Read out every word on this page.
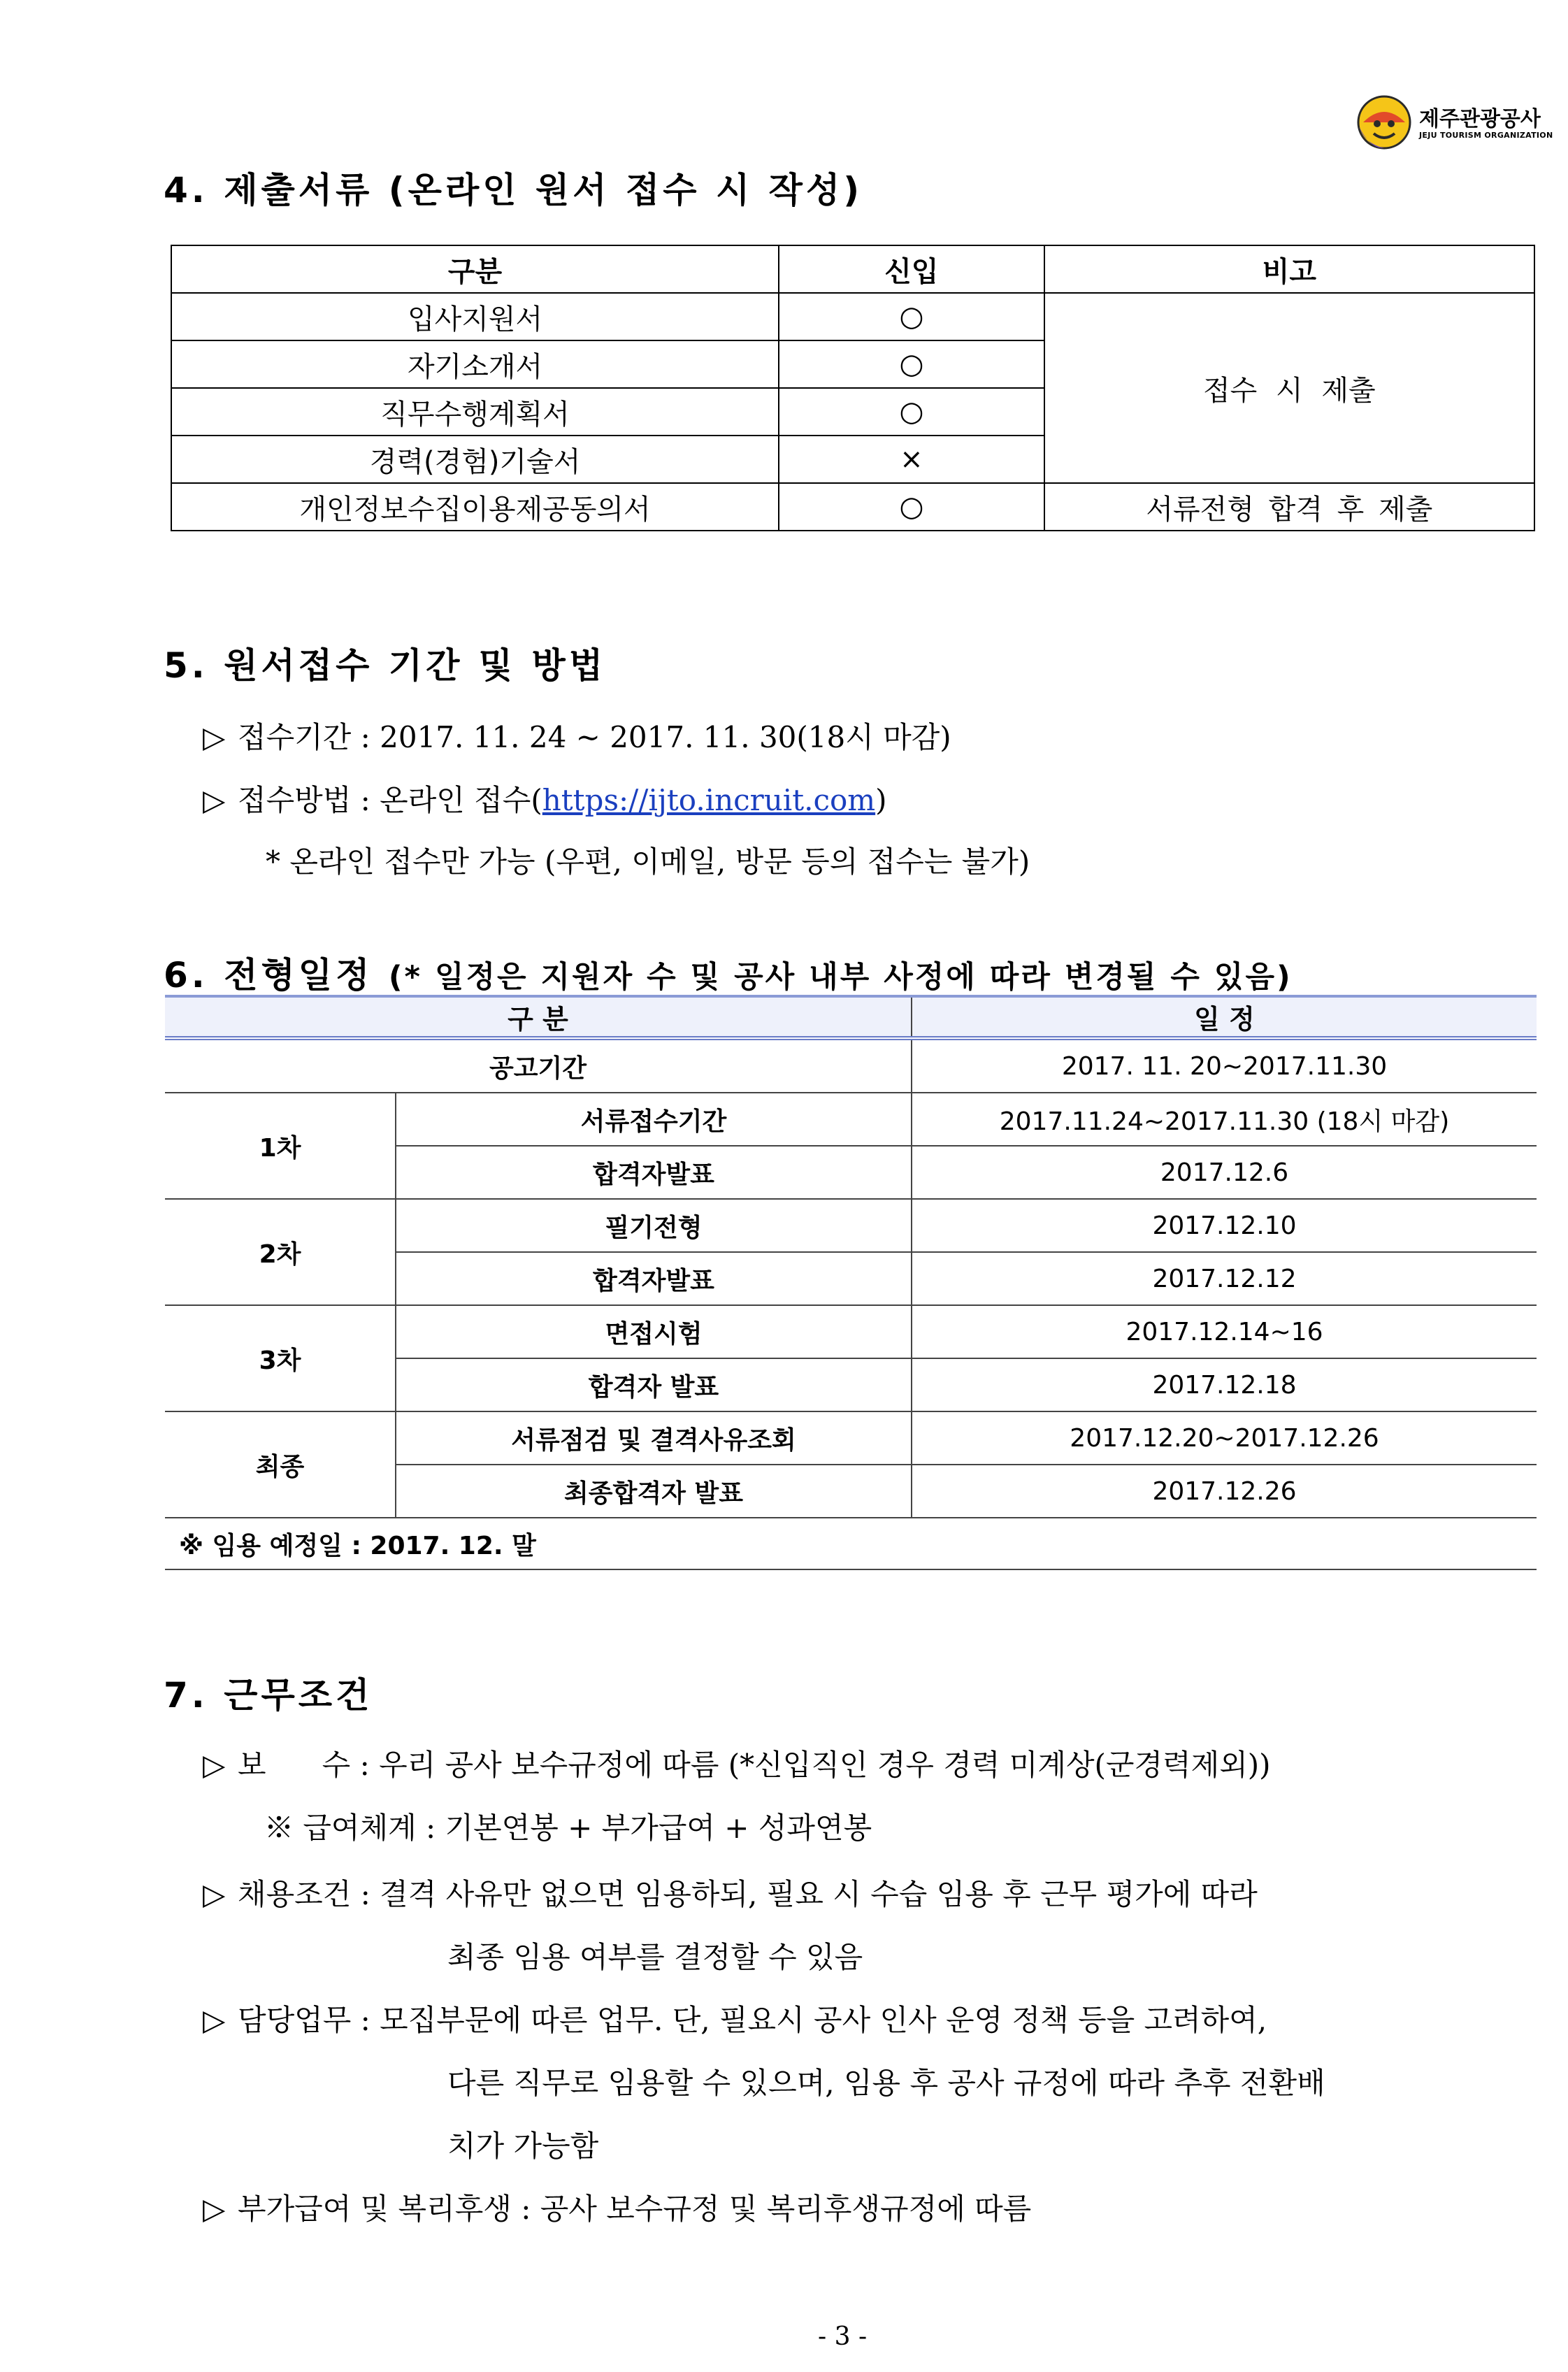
제주관광공사
JEJU TOURISM ORGANIZATION
4. 제출서류 (온라인 원서 접수 시 작성)
구분	신입	비고
입사지원서	○	접수 시 제출
자기소개서	○	
직무수행계획서	○	
경력(경험)기술서	×	
개인정보수집이용제공동의서	○	서류전형 합격 후 제출
5. 원서접수 기간 및 방법
▷ 접수기간 : 2017. 11. 24 ~ 2017. 11. 30(18시 마감)
▷ 접수방법 : 온라인 접수(https://ijto.incruit.com)
* 온라인 접수만 가능 (우편, 이메일, 방문 등의 접수는 불가)
6. 전형일정 (* 일정은 지원자 수 및 공사 내부 사정에 따라 변경될 수 있음)
구 분		일 정
공고기간		2017. 11. 20~2017.11.30
1차	서류접수기간	2017.11.24~2017.11.30 (18시 마감)
	합격자발표	2017.12.6
2차	필기전형	2017.12.10
	합격자발표	2017.12.12
3차	면접시험	2017.12.14~16
	합격자 발표	2017.12.18
최종	서류점검 및 결격사유조회	2017.12.20~2017.12.26
	최종합격자 발표	2017.12.26
※ 임용 예정일 : 2017. 12. 말		
7. 근무조건
▷ 보      수 : 우리 공사 보수규정에 따름 (*신입직인 경우 경력 미계상(군경력제외))
※ 급여체계 : 기본연봉 + 부가급여 + 성과연봉
▷ 채용조건 : 결격 사유만 없으면 임용하되, 필요 시 수습 임용 후 근무 평가에 따라
최종 임용 여부를 결정할 수 있음
▷ 담당업무 : 모집부문에 따른 업무. 단, 필요시 공사 인사 운영 정책 등을 고려하여,
다른 직무로 임용할 수 있으며, 임용 후 공사 규정에 따라 추후 전환배
치가 가능함
▷ 부가급여 및 복리후생 : 공사 보수규정 및 복리후생규정에 따름
- 3 -
